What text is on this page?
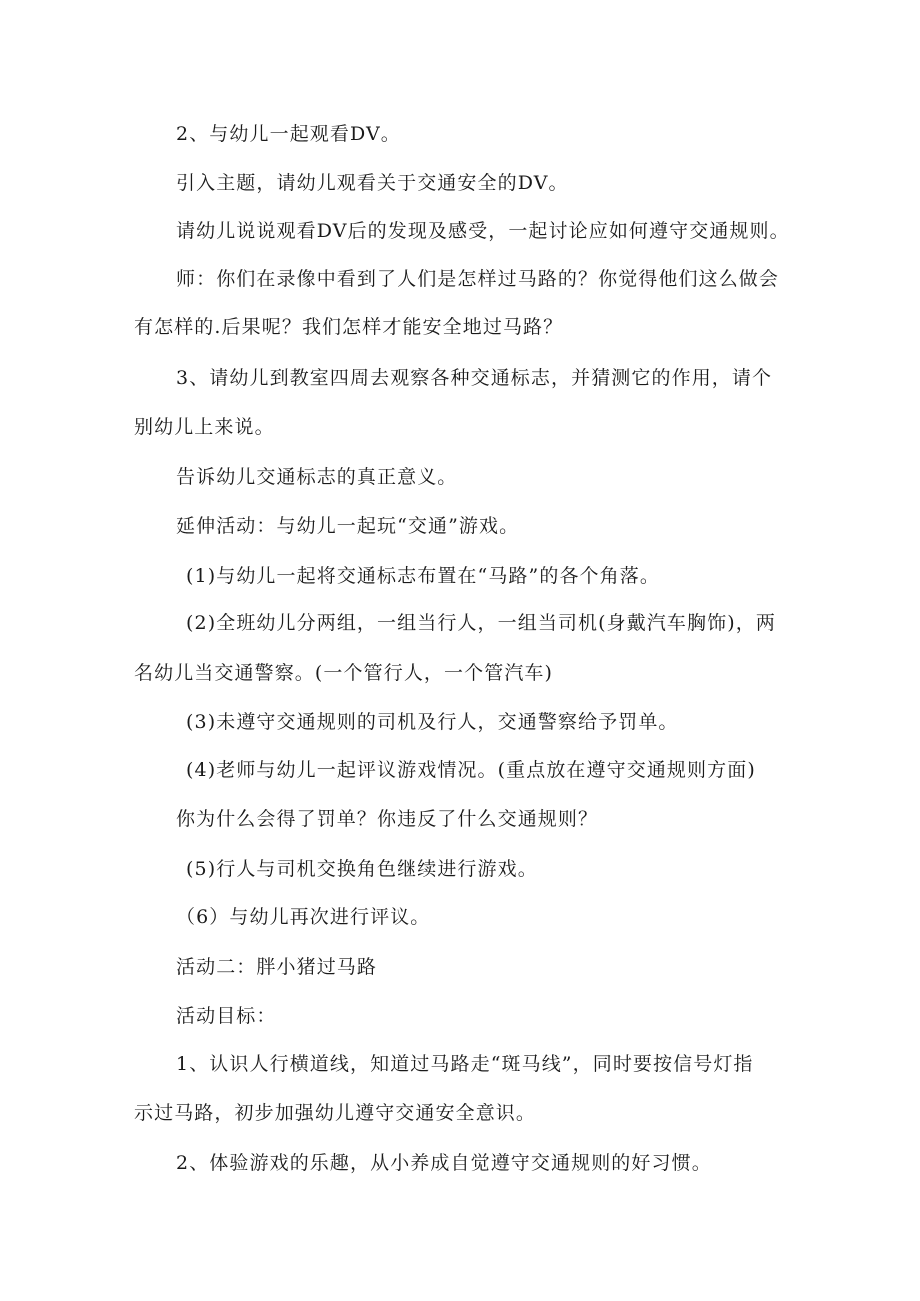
2、与幼儿一起观看DV。

引入主题，请幼儿观看关于交通安全的DV。

请幼儿说说观看DV后的发现及感受，一起讨论应如何遵守交通规则。

师：你们在录像中看到了人们是怎样过马路的？你觉得他们这么做会

有怎样的.后果呢？我们怎样才能安全地过马路？

3、请幼儿到教室四周去观察各种交通标志，并猜测它的作用，请个

别幼儿上来说。

告诉幼儿交通标志的真正意义。

延伸活动：与幼儿一起玩“交通”游戏。

(1)与幼儿一起将交通标志布置在“马路”的各个角落。

(2)全班幼儿分两组，一组当行人，一组当司机(身戴汽车胸饰)，两

名幼儿当交通警察。(一个管行人，一个管汽车)

(3)未遵守交通规则的司机及行人，交通警察给予罚单。

(4)老师与幼儿一起评议游戏情况。(重点放在遵守交通规则方面)

你为什么会得了罚单？你违反了什么交通规则？

(5)行人与司机交换角色继续进行游戏。

（6）与幼儿再次进行评议。

活动二：胖小猪过马路

活动目标：

1、认识人行横道线，知道过马路走“斑马线”，同时要按信号灯指

示过马路，初步加强幼儿遵守交通安全意识。

2、体验游戏的乐趣，从小养成自觉遵守交通规则的好习惯。
